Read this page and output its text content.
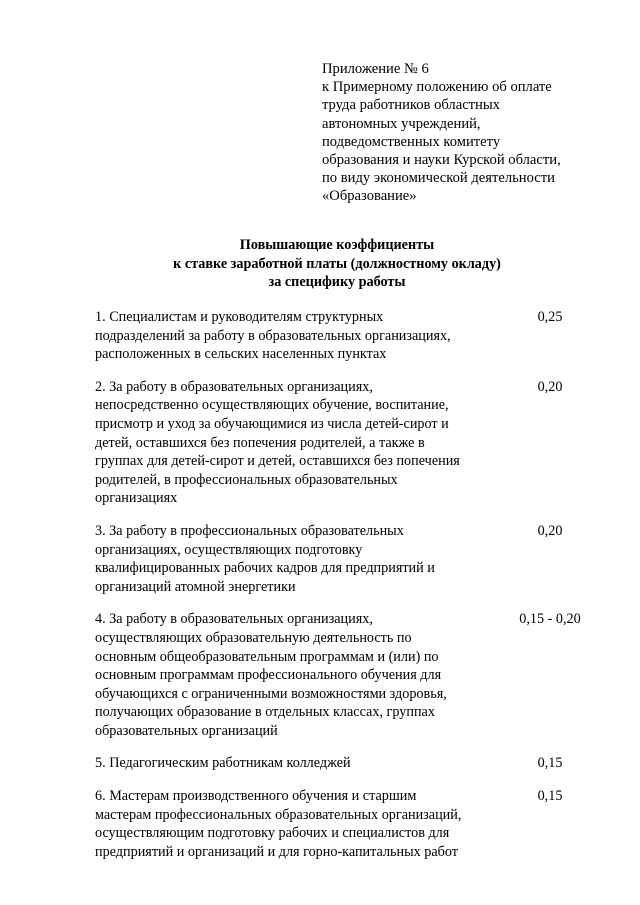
Приложение № 6
к Примерному положению об оплате
труда работников областных
автономных учреждений,
подведомственных комитету
образования и науки Курской области,
по виду экономической деятельности
«Образование»
Повышающие коэффициенты
к ставке заработной платы (должностному окладу)
за специфику работы
1. Специалистам и руководителям структурных
подразделений за работу в образовательных организациях,
расположенных в сельских населенных пунктах
0,25
2. За работу в образовательных организациях,
непосредственно осуществляющих обучение, воспитание,
присмотр и уход за обучающимися из числа детей-сирот и
детей, оставшихся без попечения родителей, а также в
группах для детей-сирот и детей, оставшихся без попечения
родителей, в профессиональных образовательных
организациях
0,20
3. За работу в профессиональных образовательных
организациях, осуществляющих подготовку
квалифицированных рабочих кадров для предприятий и
организаций атомной энергетики
0,20
4. За работу в образовательных организациях,
осуществляющих образовательную деятельность по
основным общеобразовательным программам и (или) по
основным программам профессионального обучения для
обучающихся с ограниченными возможностями здоровья,
получающих образование в отдельных классах, группах
образовательных организаций
0,15 - 0,20
5. Педагогическим работникам колледжей	0,15
6. Мастерам производственного обучения и старшим
мастерам профессиональных образовательных организаций,
осуществляющим подготовку рабочих и специалистов для
предприятий и организаций и для горно-капитальных работ
0,15
